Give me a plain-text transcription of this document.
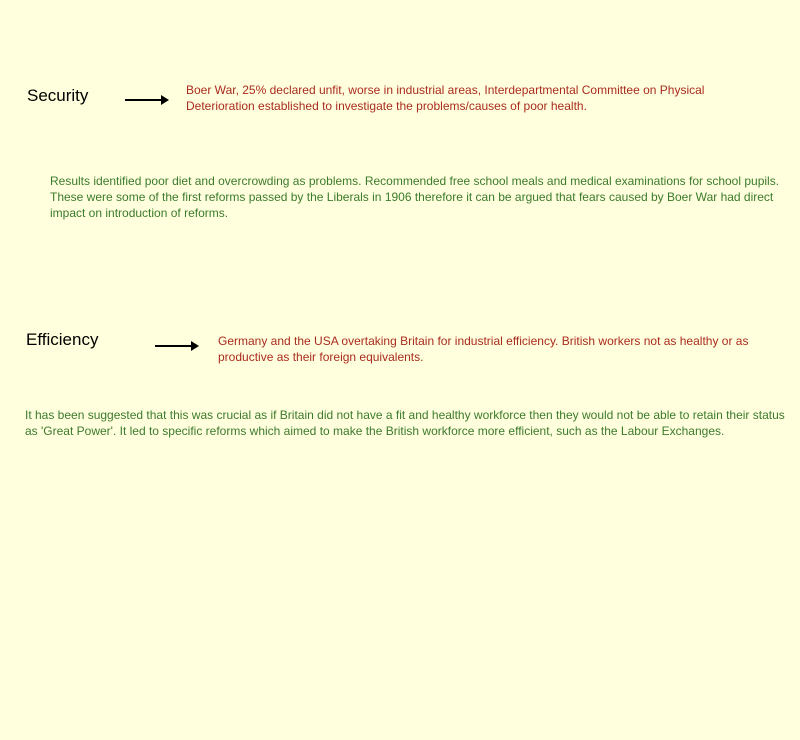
Security	Boer War, 25% declared unfit, worse in industrial areas, Interdepartmental Committee on Physical Deterioration established to investigate the problems/causes of poor health.
Results identified poor diet and overcrowding as problems. Recommended free school meals and medical examinations for school pupils. These were some of the first reforms passed by the Liberals in 1906 therefore it can be argued that fears caused by Boer War had direct impact on introduction of reforms.
Efficiency	Germany and the USA overtaking Britain for industrial efficiency. British workers not as healthy or as productive as their foreign equivalents.
It has been suggested that this was crucial as if Britain did not have a fit and healthy workforce then they would not be able to retain their status as 'Great Power'. It led to specific reforms which aimed to make the British workforce more efficient, such as the Labour Exchanges.
